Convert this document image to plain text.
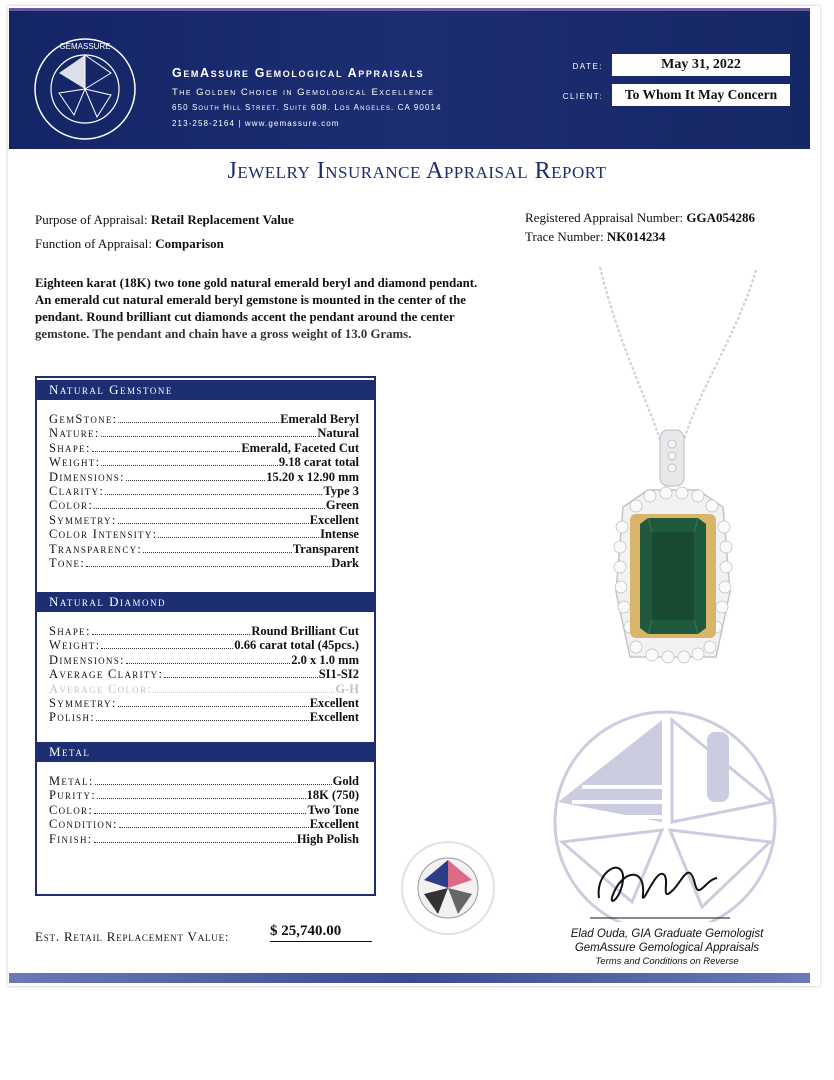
GEMASSURE
GemAssure Gemological Appraisals
The Golden Choice in Gemological Excellence
650 South Hill Street. Suite 608. Los Angeles. CA 90014
213-258-2164 | www.gemassure.com
DATE:	May 31, 2022
CLIENT:	To Whom It May Concern
Jewelry Insurance Appraisal Report
Purpose of Appraisal: Retail Replacement Value
Function of Appraisal: Comparison
Registered Appraisal Number: GGA054286
Trace Number: NK014234
Eighteen karat (18K) two tone gold natural emerald beryl and diamond pendant.
An emerald cut natural emerald beryl gemstone is mounted in the center of the
pendant. Round brilliant cut diamonds accent the pendant around the center
gemstone. The pendant and chain have a gross weight of 13.0 Grams.
Natural Gemstone
GemStone:	Emerald Beryl
Nature:	Natural
Shape:	Emerald, Faceted Cut
Weight:	9.18 carat total
Dimensions:	15.20 x 12.90 mm
Clarity:	Type 3
Color:	Green
Symmetry:	Excellent
Color Intensity:	Intense
Transparency:	Transparent
Tone:	Dark
Natural Diamond
Shape:	Round Brilliant Cut
Weight:	0.66 carat total (45pcs.)
Dimensions:	2.0 x 1.0 mm
Average Clarity:	SI1-SI2
Average Color:	G-H
Symmetry:	Excellent
Polish:	Excellent
Metal
Metal:	Gold
Purity:	18K (750)
Color:	Two Tone
Condition:	Excellent
Finish:	High Polish
Elad Ouda, GIA Graduate Gemologist
GemAssure Gemological Appraisals
Terms and Conditions on Reverse
Est. Retail Replacement Value:	$ 25,740.00
